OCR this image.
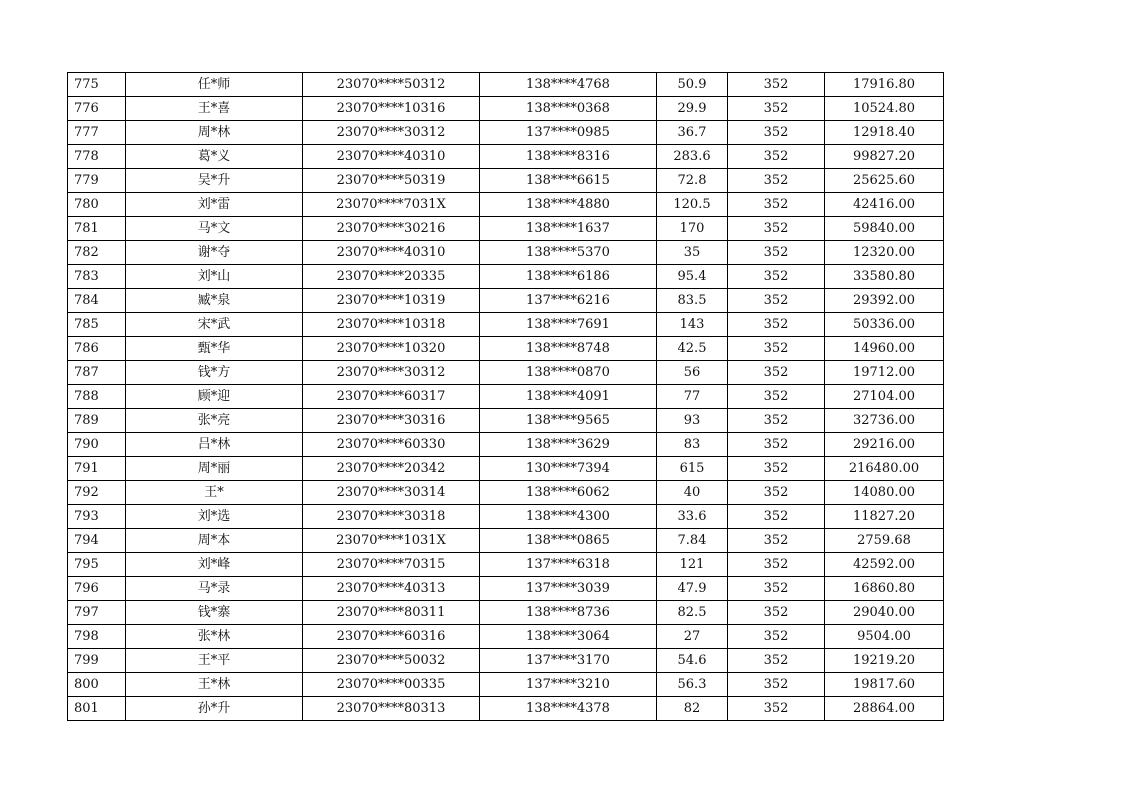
775	任*师	23070****50312	138****4768	50.9	352	17916.80
776	王*喜	23070****10316	138****0368	29.9	352	10524.80
777	周*林	23070****30312	137****0985	36.7	352	12918.40
778	葛*义	23070****40310	138****8316	283.6	352	99827.20
779	吴*升	23070****50319	138****6615	72.8	352	25625.60
780	刘*雷	23070****7031X	138****4880	120.5	352	42416.00
781	马*文	23070****30216	138****1637	170	352	59840.00
782	谢*夺	23070****40310	138****5370	35	352	12320.00
783	刘*山	23070****20335	138****6186	95.4	352	33580.80
784	臧*泉	23070****10319	137****6216	83.5	352	29392.00
785	宋*武	23070****10318	138****7691	143	352	50336.00
786	甄*华	23070****10320	138****8748	42.5	352	14960.00
787	钱*方	23070****30312	138****0870	56	352	19712.00
788	顾*迎	23070****60317	138****4091	77	352	27104.00
789	张*亮	23070****30316	138****9565	93	352	32736.00
790	吕*林	23070****60330	138****3629	83	352	29216.00
791	周*丽	23070****20342	130****7394	615	352	216480.00
792	王*	23070****30314	138****6062	40	352	14080.00
793	刘*选	23070****30318	138****4300	33.6	352	11827.20
794	周*本	23070****1031X	138****0865	7.84	352	2759.68
795	刘*峰	23070****70315	137****6318	121	352	42592.00
796	马*录	23070****40313	137****3039	47.9	352	16860.80
797	钱*寨	23070****80311	138****8736	82.5	352	29040.00
798	张*林	23070****60316	138****3064	27	352	9504.00
799	王*平	23070****50032	137****3170	54.6	352	19219.20
800	王*林	23070****00335	137****3210	56.3	352	19817.60
801	孙*升	23070****80313	138****4378	82	352	28864.00
